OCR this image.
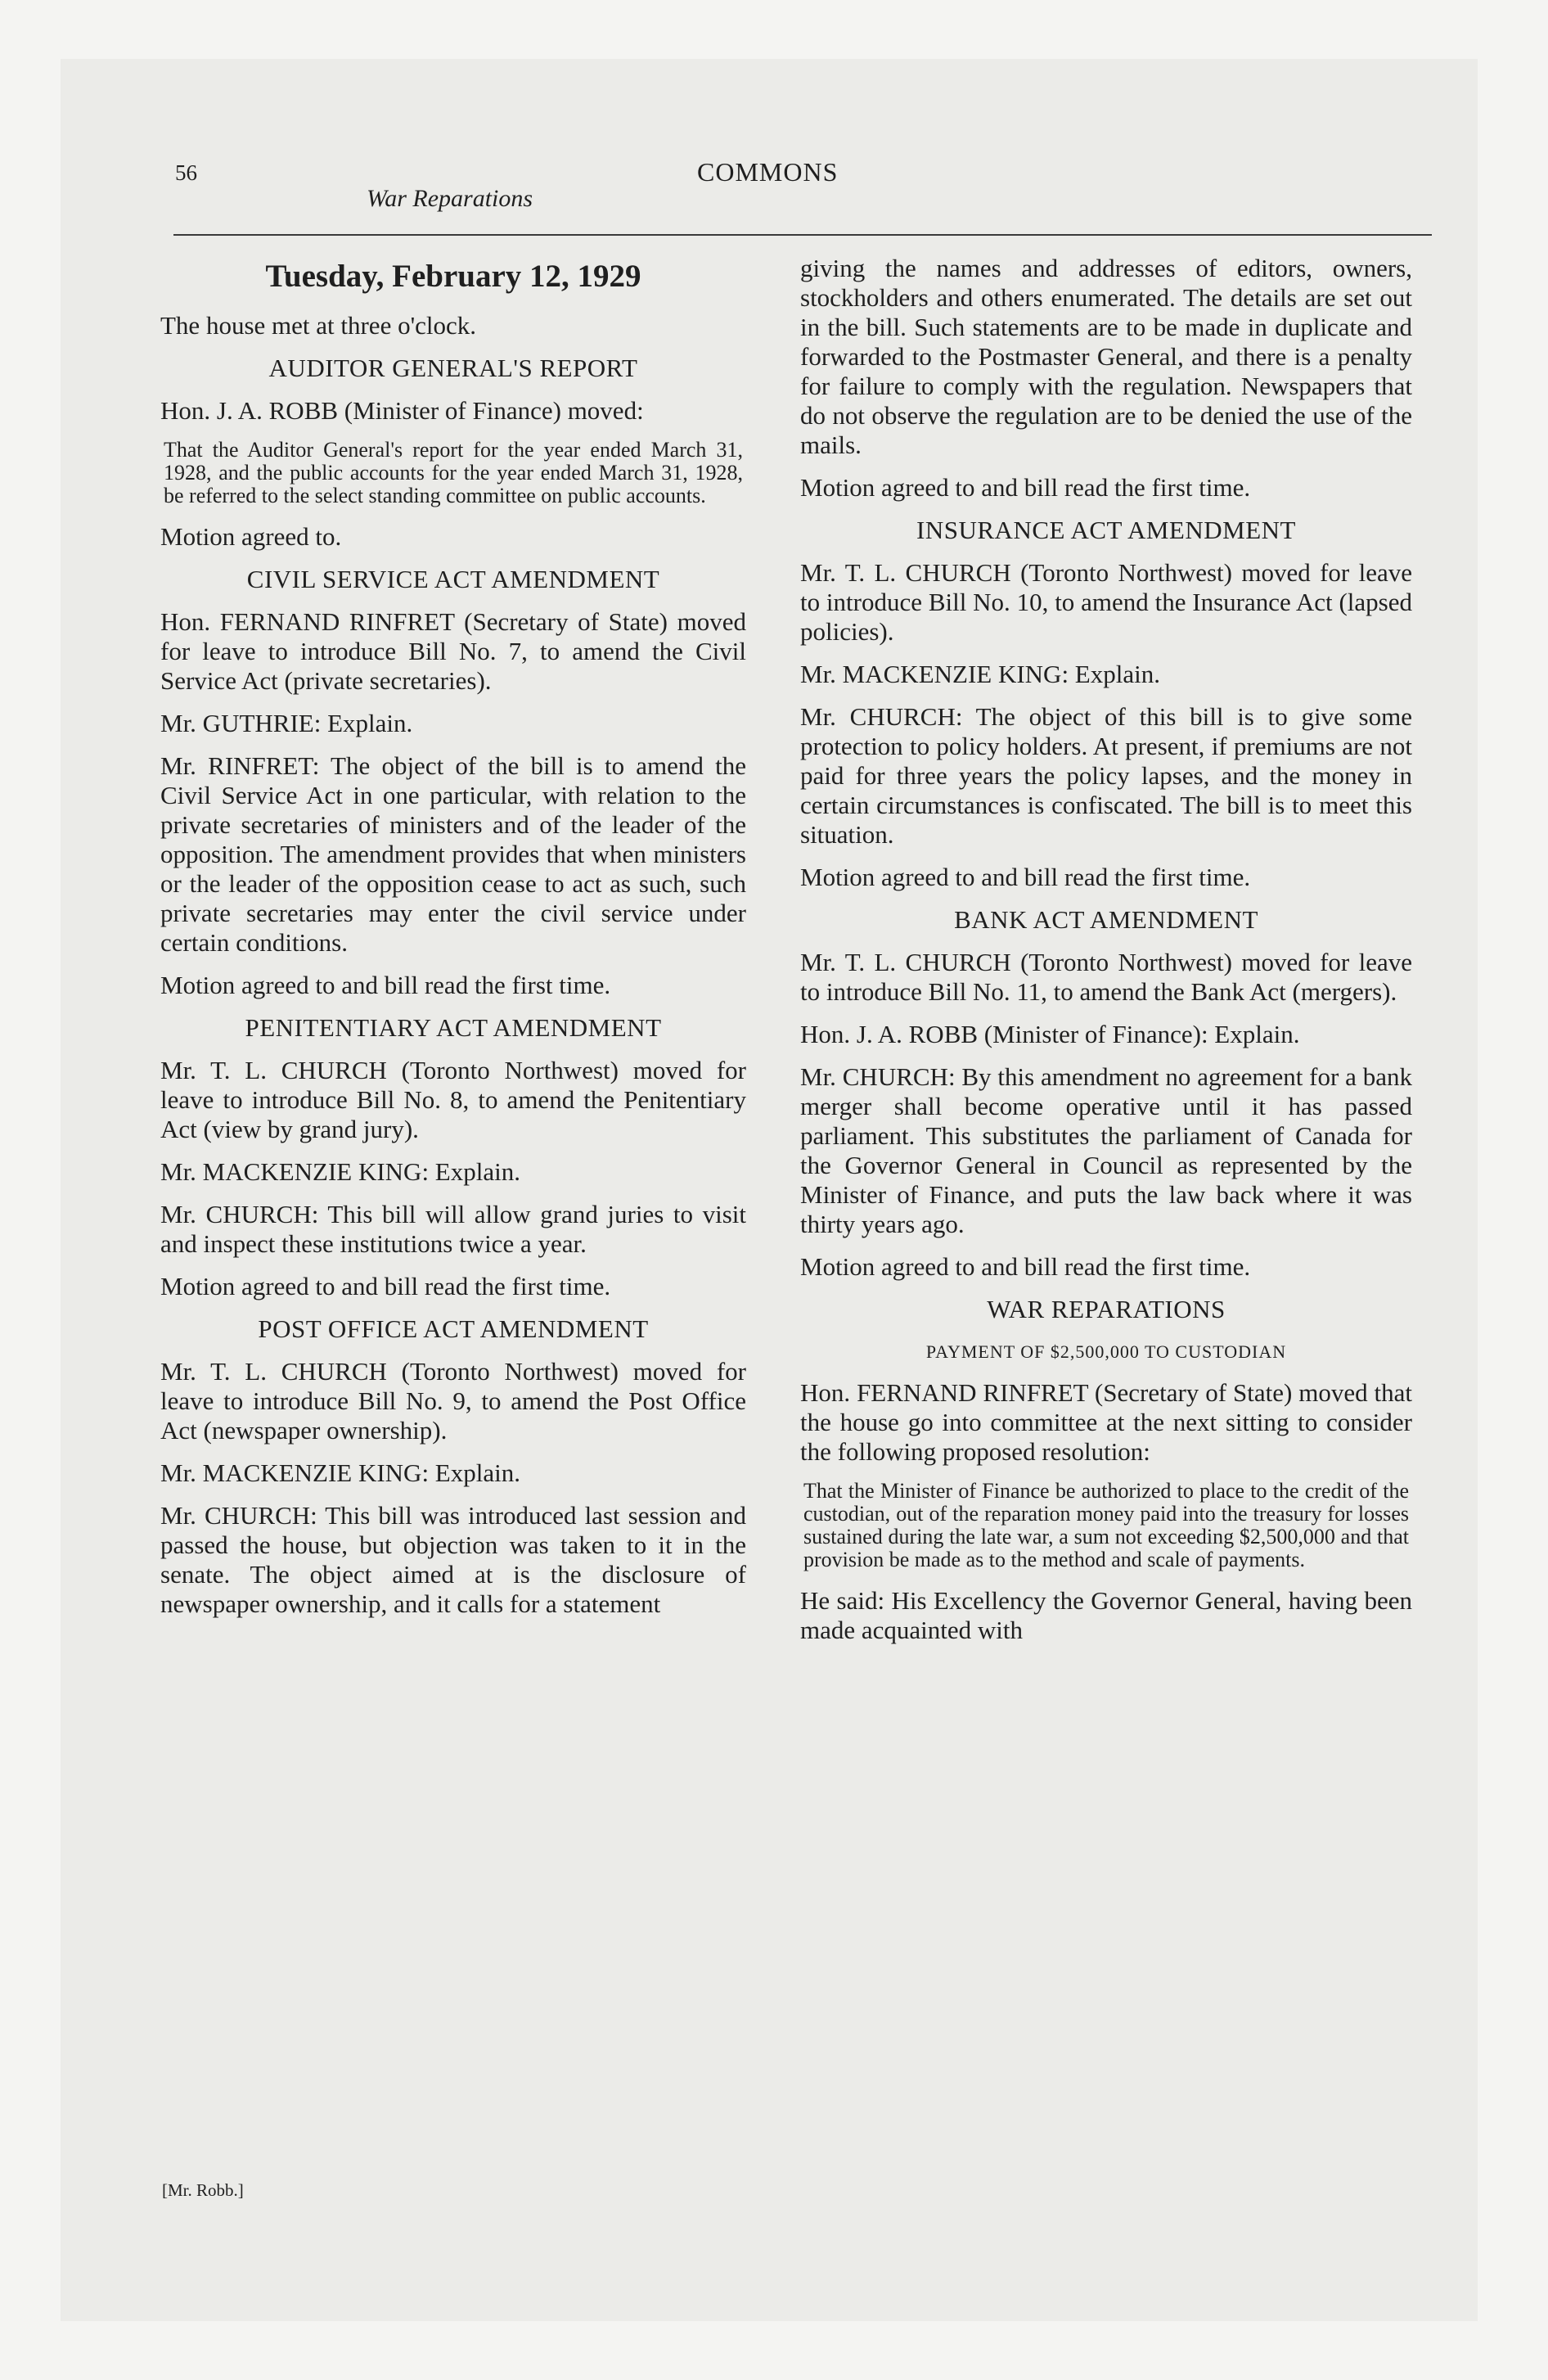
56
War Reparations
COMMONS
Tuesday, February 12, 1929

The house met at three o'clock.

AUDITOR GENERAL'S REPORT

Hon. J. A. ROBB (Minister of Finance) moved:

That the Auditor General's report for the year ended March 31, 1928, and the public accounts for the year ended March 31, 1928, be referred to the select standing committee on public accounts.

Motion agreed to.

CIVIL SERVICE ACT AMENDMENT

Hon. FERNAND RINFRET (Secretary of State) moved for leave to introduce Bill No. 7, to amend the Civil Service Act (private secretaries).

Mr. GUTHRIE: Explain.

Mr. RINFRET: The object of the bill is to amend the Civil Service Act in one particular, with relation to the private secretaries of ministers and of the leader of the opposition. The amendment provides that when ministers or the leader of the opposition cease to act as such, such private secretaries may enter the civil service under certain conditions.

Motion agreed to and bill read the first time.

PENITENTIARY ACT AMENDMENT

Mr. T. L. CHURCH (Toronto Northwest) moved for leave to introduce Bill No. 8, to amend the Penitentiary Act (view by grand jury).

Mr. MACKENZIE KING: Explain.

Mr. CHURCH: This bill will allow grand juries to visit and inspect these institutions twice a year.

Motion agreed to and bill read the first time.

POST OFFICE ACT AMENDMENT

Mr. T. L. CHURCH (Toronto Northwest) moved for leave to introduce Bill No. 9, to amend the Post Office Act (newspaper ownership).

Mr. MACKENZIE KING: Explain.

Mr. CHURCH: This bill was introduced last session and passed the house, but objection was taken to it in the senate. The object aimed at is the disclosure of newspaper ownership, and it calls for a statement

giving the names and addresses of editors, owners, stockholders and others enumerated. The details are set out in the bill. Such statements are to be made in duplicate and forwarded to the Postmaster General, and there is a penalty for failure to comply with the regulation. Newspapers that do not observe the regulation are to be denied the use of the mails.

Motion agreed to and bill read the first time.

INSURANCE ACT AMENDMENT

Mr. T. L. CHURCH (Toronto Northwest) moved for leave to introduce Bill No. 10, to amend the Insurance Act (lapsed policies).

Mr. MACKENZIE KING: Explain.

Mr. CHURCH: The object of this bill is to give some protection to policy holders. At present, if premiums are not paid for three years the policy lapses, and the money in certain circumstances is confiscated. The bill is to meet this situation.

Motion agreed to and bill read the first time.

BANK ACT AMENDMENT

Mr. T. L. CHURCH (Toronto Northwest) moved for leave to introduce Bill No. 11, to amend the Bank Act (mergers).

Hon. J. A. ROBB (Minister of Finance): Explain.

Mr. CHURCH: By this amendment no agreement for a bank merger shall become operative until it has passed parliament. This substitutes the parliament of Canada for the Governor General in Council as represented by the Minister of Finance, and puts the law back where it was thirty years ago.

Motion agreed to and bill read the first time.

WAR REPARATIONS
PAYMENT OF $2,500,000 TO CUSTODIAN

Hon. FERNAND RINFRET (Secretary of State) moved that the house go into committee at the next sitting to consider the following proposed resolution:

That the Minister of Finance be authorized to place to the credit of the custodian, out of the reparation money paid into the treasury for losses sustained during the late war, a sum not exceeding $2,500,000 and that provision be made as to the method and scale of payments.

He said: His Excellency the Governor General, having been made acquainted with

[Mr. Robb.]
